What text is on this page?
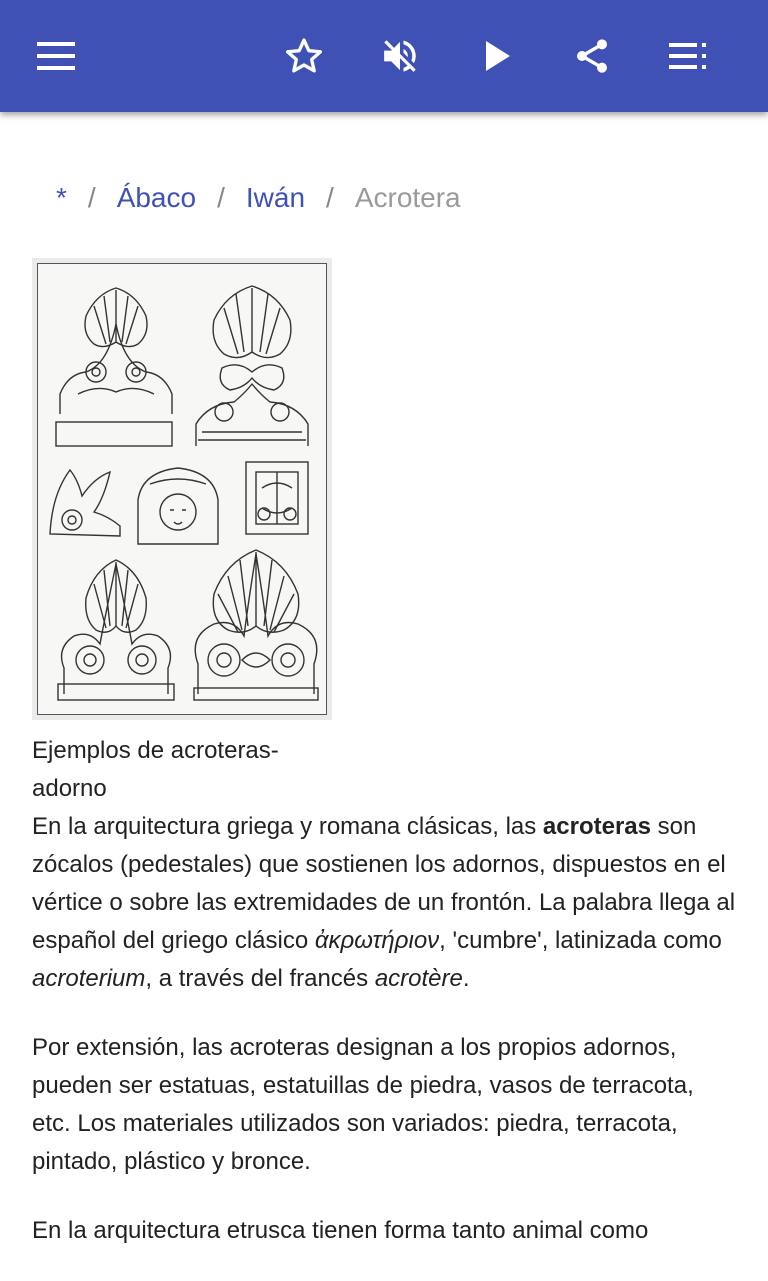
* / Ábaco / Iwán / Acrotera
Ejemplos de acroteras-adorno

En la arquitectura griega y romana clásicas, las acroteras son zócalos (pedestales) que sostienen los adornos, dispuestos en el vértice o sobre las extremidades de un frontón. La palabra llega al español del griego clásico ἀκρωτήριον, 'cumbre', latinizada como acroterium, a través del francés acrotère.

Por extensión, las acroteras designan a los propios adornos, pueden ser estatuas, estatuillas de piedra, vasos de terracota, etc. Los materiales utilizados son variados: piedra, terracota, pintado, plástico y bronce.

En la arquitectura etrusca tienen forma tanto animal como
